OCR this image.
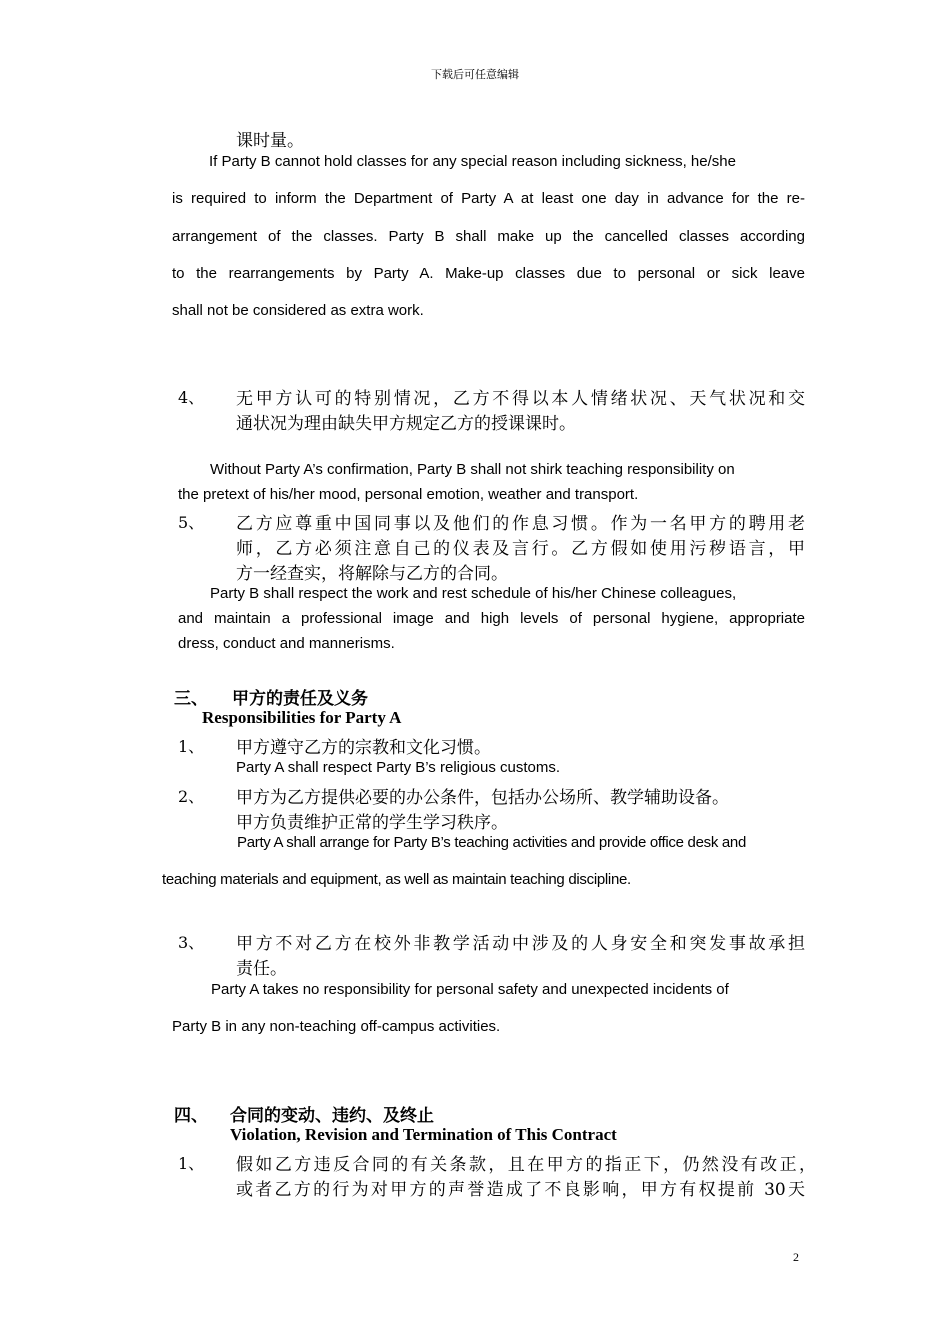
下载后可任意编辑
课时量。
If Party B cannot hold classes for any special reason including sickness, he/she
is required to inform the Department of Party A at least one day in advance for the re-
arrangement of the classes. Party B shall make up the cancelled classes according
to the rearrangements by Party A. Make-up classes due to personal or sick leave
shall not be considered as extra work.
4、 无甲方认可的特别情况，乙方不得以本人情绪状况、天气状况和交
通状况为理由缺失甲方规定乙方的授课课时。
Without Party A’s confirmation, Party B shall not shirk teaching responsibility on
the pretext of his/her mood, personal emotion, weather and transport.
5、 乙方应尊重中国同事以及他们的作息习惯。作为一名甲方的聘用老
师，乙方必须注意自己的仪表及言行。乙方假如使用污秽语言，甲
方一经查实，将解除与乙方的合同。
Party B shall respect the work and rest schedule of his/her Chinese colleagues,
and maintain a professional image and high levels of personal hygiene, appropriate
dress, conduct and mannerisms.
三、 甲方的责任及义务
Responsibilities for Party A
1、 甲方遵守乙方的宗教和文化习惯。
Party A shall respect Party B’s religious customs.
2、 甲方为乙方提供必要的办公条件，包括办公场所、教学辅助设备。
甲方负责维护正常的学生学习秩序。
Party A shall arrange for Party B’s teaching activities and provide office desk and
teaching materials and equipment, as well as maintain teaching discipline.
3、 甲方不对乙方在校外非教学活动中涉及的人身安全和突发事故承担
责任。
Party A takes no responsibility for personal safety and unexpected incidents of
Party B in any non-teaching off-campus activities.
四、 合同的变动、违约、及终止
Violation, Revision and Termination of This Contract
1、 假如乙方违反合同的有关条款，且在甲方的指正下，仍然没有改正，
或者乙方的行为对甲方的声誉造成了不良影响，甲方有权提前 30天
2
